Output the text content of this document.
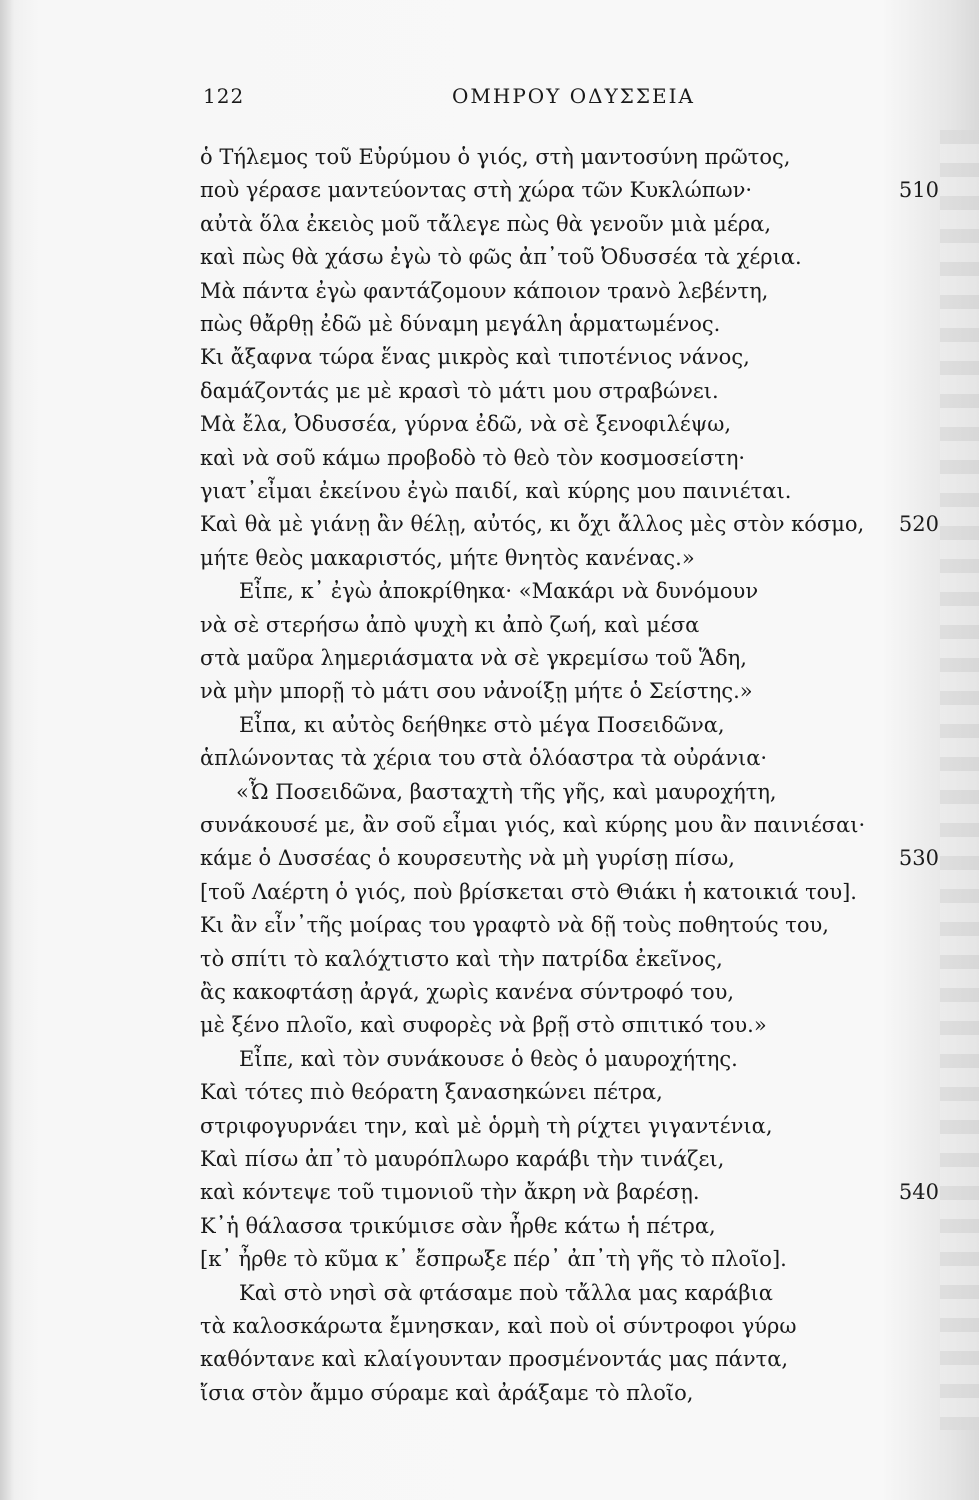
122	ΟΜΗΡΟΥ ΟΔΥΣΣΕΙΑ
ὁ Τήλεμος τοῦ Εὐρύμου ὁ γιός, στὴ μαντοσύνη πρῶτος,
ποὺ γέρασε μαντεύοντας στὴ χώρα τῶν Κυκλώπων·	510
αὐτὰ ὅλα ἐκειὸς μοῦ τἄλεγε πὼς θὰ γενοῦν μιὰ μέρα,
καὶ πὼς θὰ χάσω ἐγὼ τὸ φῶς ἀπ᾽τοῦ Ὀδυσσέα τὰ χέρια.
Μὰ πάντα ἐγὼ φαντάζομουν κάποιον τρανὸ λεβέντη,
πὼς θἄρθῃ ἐδῶ μὲ δύναμη μεγάλη ἁρματωμένος.
Κι ἄξαφνα τώρα ἕνας μικρὸς καὶ τιποτένιος νάνος,
δαμάζοντάς με μὲ κρασὶ τὸ μάτι μου στραβώνει.
Μὰ ἔλα, Ὀδυσσέα, γύρνα ἐδῶ, νὰ σὲ ξενοφιλέψω,
καὶ νὰ σοῦ κάμω προβοδὸ τὸ θεὸ τὸν κοσμοσείστη·
γιατ᾽εἶμαι ἐκείνου ἐγὼ παιδί, καὶ κύρης μου παινιέται.
Καὶ θὰ μὲ γιάνῃ ἂν θέλῃ, αὐτός, κι ὄχι ἄλλος μὲς στὸν κόσμο, 520
μήτε θεὸς μακαριστός, μήτε θνητὸς κανένας.»
Εἶπε, κ᾽ ἐγὼ ἀποκρίθηκα· «Μακάρι νὰ δυνόμουν
νὰ σὲ στερήσω ἀπὸ ψυχὴ κι ἀπὸ ζωή, καὶ μέσα
στὰ μαῦρα λημεριάσματα νὰ σὲ γκρεμίσω τοῦ Ἅδη,
νὰ μὴν μπορῇ τὸ μάτι σου νἀνοίξῃ μήτε ὁ Σείστης.»
Εἶπα, κι αὐτὸς δεήθηκε στὸ μέγα Ποσειδῶνα,
ἁπλώνοντας τὰ χέρια του στὰ ὁλόαστρα τὰ οὐράνια·
«Ὦ Ποσειδῶνα, βασταχτὴ τῆς γῆς, καὶ μαυροχήτη,
συνάκουσέ με, ἂν σοῦ εἶμαι γιός, καὶ κύρης μου ἂν παινιέσαι·
κάμε ὁ Δυσσέας ὁ κουρσευτὴς νὰ μὴ γυρίσῃ πίσω,	530
[τοῦ Λαέρτη ὁ γιός, ποὺ βρίσκεται στὸ Θιάκι ἡ κατοικιά του].
Κι ἂν εἶν᾽τῆς μοίρας του γραφτὸ νὰ δῇ τοὺς ποθητούς του,
τὸ σπίτι τὸ καλόχτιστο καὶ τὴν πατρίδα ἐκεῖνος,
ἂς κακοφτάσῃ ἀργά, χωρὶς κανένα σύντροφό του,
μὲ ξένο πλοῖο, καὶ συφορὲς νὰ βρῇ στὸ σπιτικό του.»
Εἶπε, καὶ τὸν συνάκουσε ὁ θεὸς ὁ μαυροχήτης.
Καὶ τότες πιὸ θεόρατη ξανασηκώνει πέτρα,
στριφογυρνάει την, καὶ μὲ ὁρμὴ τὴ ρίχτει γιγαντένια,
Καὶ πίσω ἀπ᾽τὸ μαυρόπλωρο καράβι τὴν τινάζει,
καὶ κόντεψε τοῦ τιμονιοῦ τὴν ἄκρη νὰ βαρέσῃ.	540
Κ᾽ἡ θάλασσα τρικύμισε σὰν ἦρθε κάτω ἡ πέτρα,
[κ᾽ ἦρθε τὸ κῦμα κ᾽ ἔσπρωξε πέρ᾽ ἀπ᾽τὴ γῆς τὸ πλοῖο].
Καὶ στὸ νησὶ σὰ φτάσαμε ποὺ τἄλλα μας καράβια
τὰ καλοσκάρωτα ἔμνησκαν, καὶ ποὺ οἱ σύντροφοι γύρω
καθόντανε καὶ κλαίγουνταν προσμένοντάς μας πάντα,
ἴσια στὸν ἄμμο σύραμε καὶ ἀράξαμε τὸ πλοῖο,
